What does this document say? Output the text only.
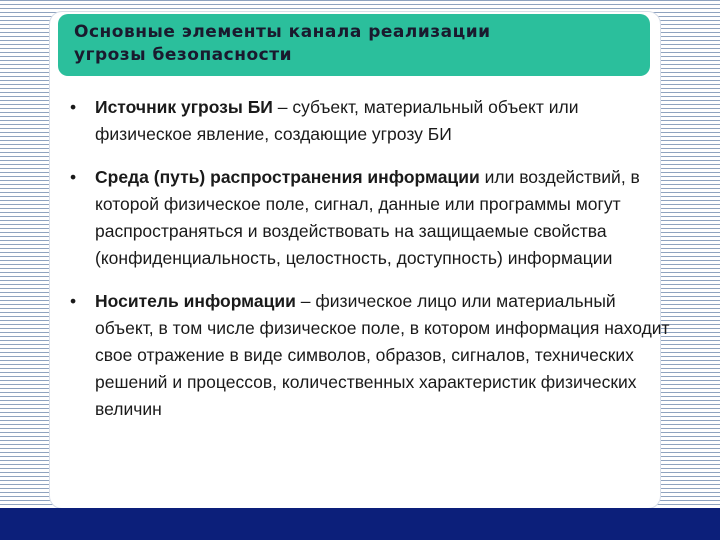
Основные элементы канала реализации
угрозы безопасности
• Источник угрозы БИ – субъект, материальный объект или физическое явление, создающие угрозу БИ
• Среда (путь) распространения информации или воздействий, в которой физическое поле, сигнал, данные или программы могут распространяться и воздействовать на защищаемые свойства (конфиденциальность, целостность, доступность) информации
• Носитель информации – физическое лицо или материальный объект, в том числе физическое поле, в котором информация находит свое отражение в виде символов, образов, сигналов, технических решений и процессов, количественных характеристик физических величин
